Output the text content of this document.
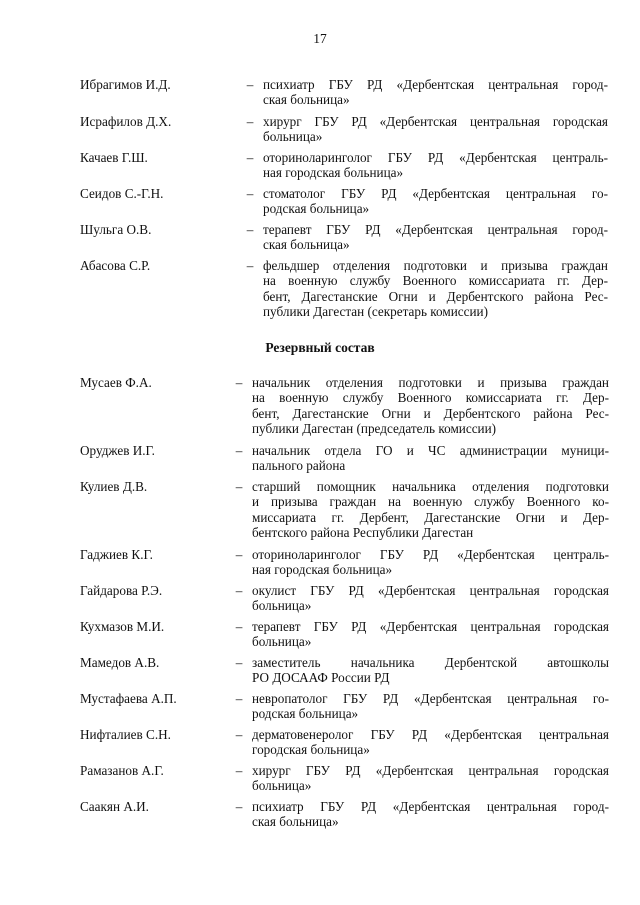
17
Ибрагимов И.Д.	– психиатр ГБУ РД «Дербентская центральная город-
ская больница»
Исрафилов Д.Х.	– хирург ГБУ РД «Дербентская центральная городская
больница»
Качаев Г.Ш.	– оториноларинголог ГБУ РД «Дербентская централь-
ная городская больница»
Сеидов С.-Г.Н.	– стоматолог ГБУ РД «Дербентская центральная го-
родская больница»
Шульга О.В.	– терапевт ГБУ РД «Дербентская центральная город-
ская больница»
Абасова С.Р.	– фельдшер отделения подготовки и призыва граждан
на военную службу Военного комиссариата гг. Дер-
бент, Дагестанские Огни и Дербентского района Рес-
публики Дагестан (секретарь комиссии)
Резервный состав
Мусаев Ф.А.	– начальник отделения подготовки и призыва граждан
на военную службу Военного комиссариата гг. Дер-
бент, Дагестанские Огни и Дербентского района Рес-
публики Дагестан (председатель комиссии)
Оруджев И.Г.	– начальник отдела ГО и ЧС администрации муници-
пального района
Кулиев Д.В.	– старший помощник начальника отделения подготовки
и призыва граждан на военную службу Военного ко-
миссариата гг. Дербент, Дагестанские Огни и Дер-
бентского района Республики Дагестан
Гаджиев К.Г.	– оториноларинголог ГБУ РД «Дербентская централь-
ная городская больница»
Гайдарова Р.Э.	– окулист ГБУ РД «Дербентская центральная городская
больница»
Кухмазов М.И.	– терапевт ГБУ РД «Дербентская центральная городская
больница»
Мамедов А.В.	– заместитель начальника Дербентской автошколы
РО ДОСААФ России РД
Мустафаева А.П.	– невропатолог ГБУ РД «Дербентская центральная го-
родская больница»
Нифталиев С.Н.	– дерматовенеролог ГБУ РД «Дербентская центральная
городская больница»
Рамазанов А.Г.	– хирург ГБУ РД «Дербентская центральная городская
больница»
Саакян А.И.	– психиатр ГБУ РД «Дербентская центральная город-
ская больница»
